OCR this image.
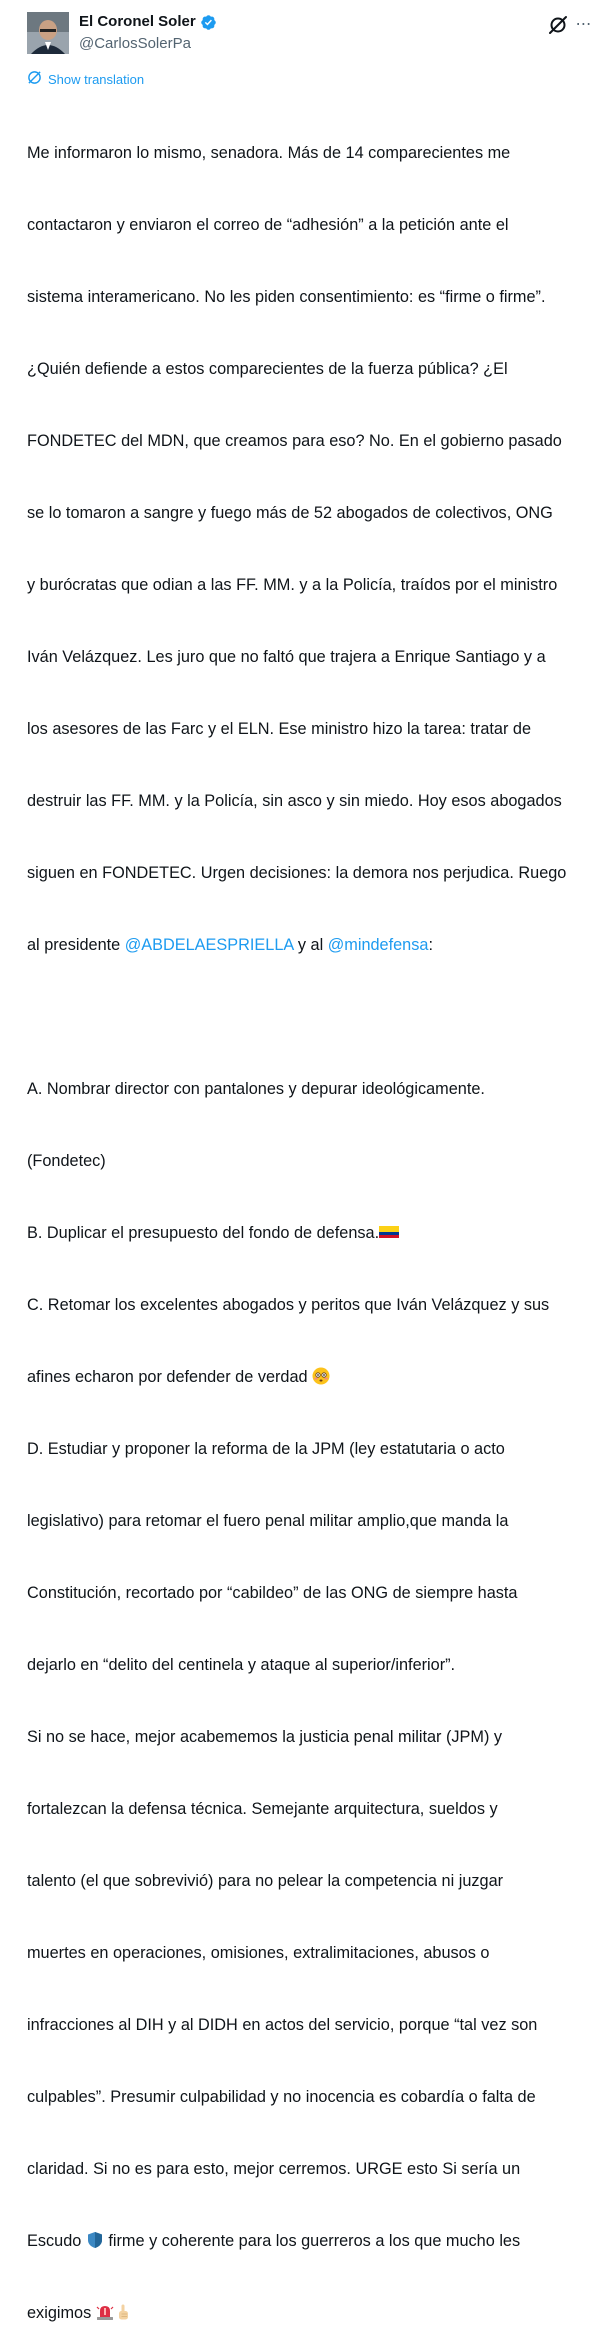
El Coronel Soler
@CarlosSolerPa
⋯
Show translation

Me informaron lo mismo, senadora. Más de 14 comparecientes me

contactaron y enviaron el correo de “adhesión” a la petición ante el

sistema interamericano. No les piden consentimiento: es “firme o firme”.

¿Quién defiende a estos comparecientes de la fuerza pública? ¿El

FONDETEC del MDN, que creamos para eso? No. En el gobierno pasado

se lo tomaron a sangre y fuego más de 52 abogados de colectivos, ONG

y burócratas que odian a las FF. MM. y a la Policía, traídos por el ministro

Iván Velázquez. Les juro que no faltó que trajera a Enrique Santiago y a

los asesores de las Farc y el ELN. Ese ministro hizo la tarea: tratar de

destruir las FF. MM. y la Policía, sin asco y sin miedo. Hoy esos abogados

siguen en FONDETEC. Urgen decisiones: la demora nos perjudica. Ruego

al presidente @ABDELAESPRIELLA y al @mindefensa:

A. Nombrar director con pantalones y depurar ideológicamente.

(Fondetec)

B. Duplicar el presupuesto del fondo de defensa.

C. Retomar los excelentes abogados y peritos que Iván Velázquez y sus

afines echaron por defender de verdad

D. Estudiar y proponer la reforma de la JPM (ley estatutaria o acto

legislativo) para retomar el fuero penal militar amplio,que manda la

Constitución, recortado por “cabildeo” de las ONG de siempre hasta

dejarlo en “delito del centinela y ataque al superior/inferior”.

Si no se hace, mejor acabememos la justicia penal militar (JPM) y

fortalezcan la defensa técnica. Semejante arquitectura, sueldos y

talento (el que sobrevivió) para no pelear la competencia ni juzgar

muertes en operaciones, omisiones, extralimitaciones, abusos o

infracciones al DIH y al DIDH en actos del servicio, porque “tal vez son

culpables”. Presumir culpabilidad y no inocencia es cobardía o falta de

claridad. Si no es para esto, mejor cerremos. URGE esto Si sería un

Escudo  firme y coherente para los guerreros a los que mucho les

exigimos
